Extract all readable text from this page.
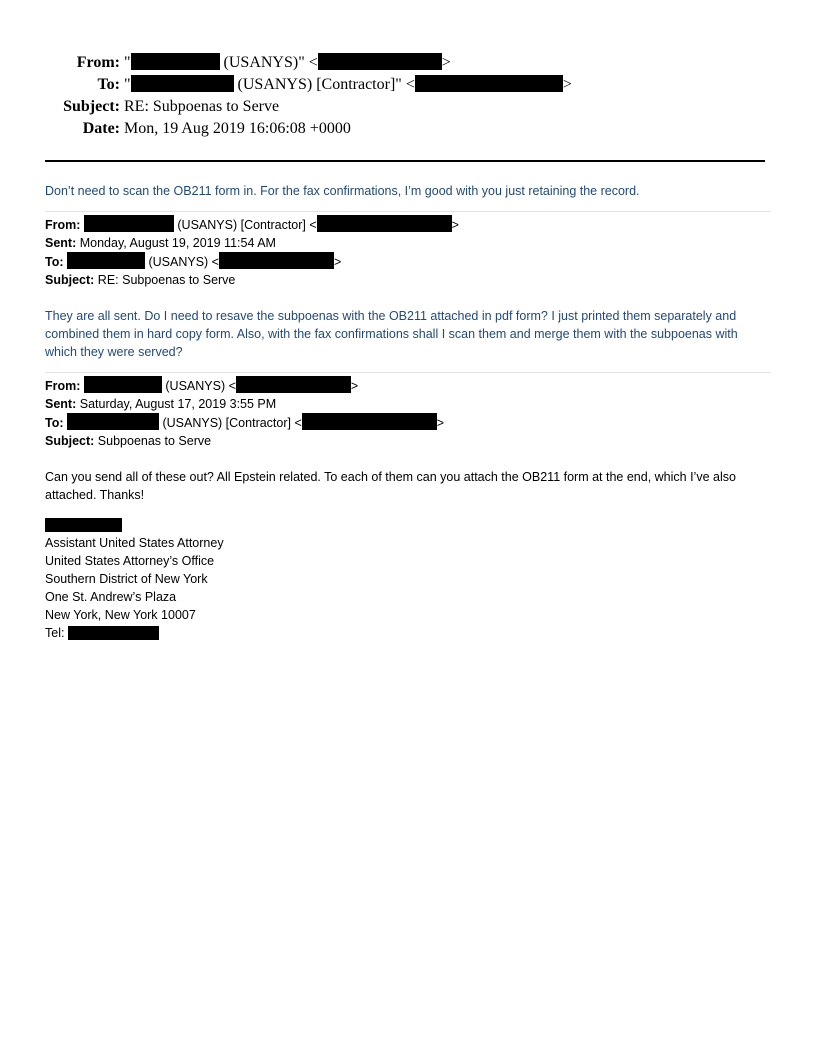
From: "	(USANYS)" <	>
To: "	(USANYS) [Contractor]" <	>
Subject: RE: Subpoenas to Serve
Date: Mon, 19 Aug 2019 16:06:08 +0000

Don’t need to scan the OB211 form in. For the fax confirmations, I’m good with you just retaining the record.

From:	(USANYS) [Contractor] <	>
Sent: Monday, August 19, 2019 11:54 AM
To:	(USANYS) <	>
Subject: RE: Subpoenas to Serve

They are all sent. Do I need to resave the subpoenas with the OB211 attached in pdf form? I just printed them separately and combined them in hard copy form. Also, with the fax confirmations shall I scan them and merge them with the subpoenas with which they were served?

From:	(USANYS) <	>
Sent: Saturday, August 17, 2019 3:55 PM
To:	(USANYS) [Contractor] <	>
Subject: Subpoenas to Serve

Can you send all of these out? All Epstein related. To each of them can you attach the OB211 form at the end, which I’ve also attached. Thanks!

Assistant United States Attorney
United States Attorney’s Office
Southern District of New York
One St. Andrew’s Plaza
New York, New York 10007
Tel:
